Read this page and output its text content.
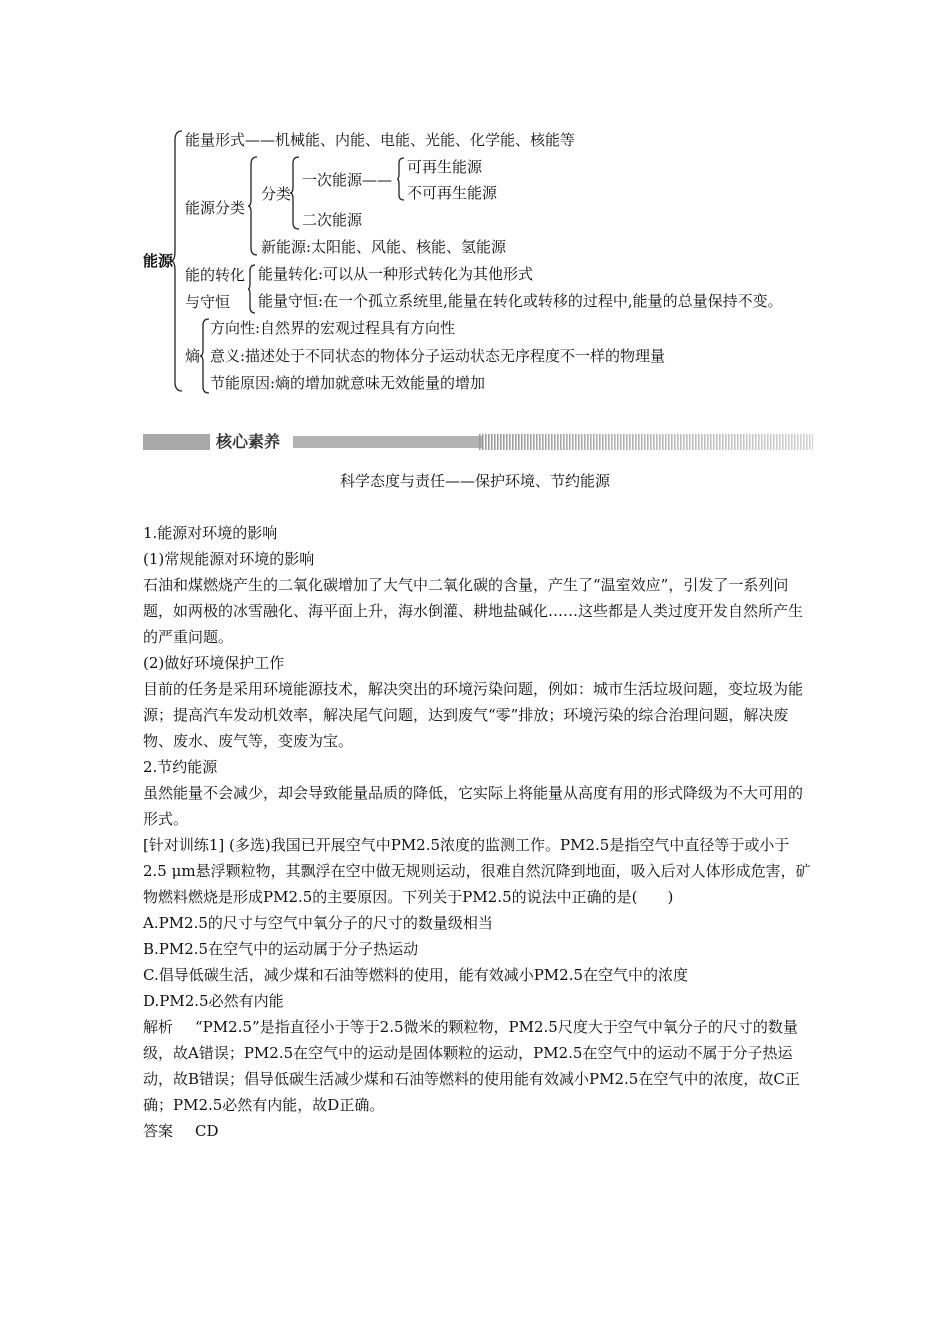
能源
能量形式——机械能、内能、电能、光能、化学能、核能等
能源分类
分类
一次能源——
可再生能源
不可再生能源
二次能源
新能源:太阳能、风能、核能、氢能源
能的转化
与守恒
能量转化:可以从一种形式转化为其他形式
能量守恒:在一个孤立系统里,能量在转化或转移的过程中,能量的总量保持不变。
熵
方向性:自然界的宏观过程具有方向性
意义:描述处于不同状态的物体分子运动状态无序程度不一样的物理量
节能原因:熵的增加就意味无效能量的增加
核心素养
科学态度与责任——保护环境、节约能源

1.能源对环境的影响

(1)常规能源对环境的影响

石油和煤燃烧产生的二氧化碳增加了大气中二氧化碳的含量，产生了“温室效应”，引发了一系列问题，如两极的冰雪融化、海平面上升，海水倒灌、耕地盐碱化……这些都是人类过度开发自然所产生的严重问题。

(2)做好环境保护工作

目前的任务是采用环境能源技术，解决突出的环境污染问题，例如：城市生活垃圾问题，变垃圾为能源；提高汽车发动机效率，解决尾气问题，达到废气“零”排放；环境污染的综合治理问题，解决废物、废水、废气等，变废为宝。

2.节约能源

虽然能量不会减少，却会导致能量品质的降低，它实际上将能量从高度有用的形式降级为不大可用的形式。

[针对训练1] (多选)我国已开展空气中PM2.5浓度的监测工作。PM2.5是指空气中直径等于或小于2.5 μm悬浮颗粒物，其飘浮在空中做无规则运动，很难自然沉降到地面，吸入后对人体形成危害，矿物燃料燃烧是形成PM2.5的主要原因。下列关于PM2.5的说法中正确的是(　　)

A.PM2.5的尺寸与空气中氧分子的尺寸的数量级相当

B.PM2.5在空气中的运动属于分子热运动

C.倡导低碳生活，减少煤和石油等燃料的使用，能有效减小PM2.5在空气中的浓度

D.PM2.5必然有内能

解析 “PM2.5”是指直径小于等于2.5微米的颗粒物，PM2.5尺度大于空气中氧分子的尺寸的数量级，故A错误；PM2.5在空气中的运动是固体颗粒的运动，PM2.5在空气中的运动不属于分子热运动，故B错误；倡导低碳生活减少煤和石油等燃料的使用能有效减小PM2.5在空气中的浓度，故C正确；PM2.5必然有内能，故D正确。

答案 CD
